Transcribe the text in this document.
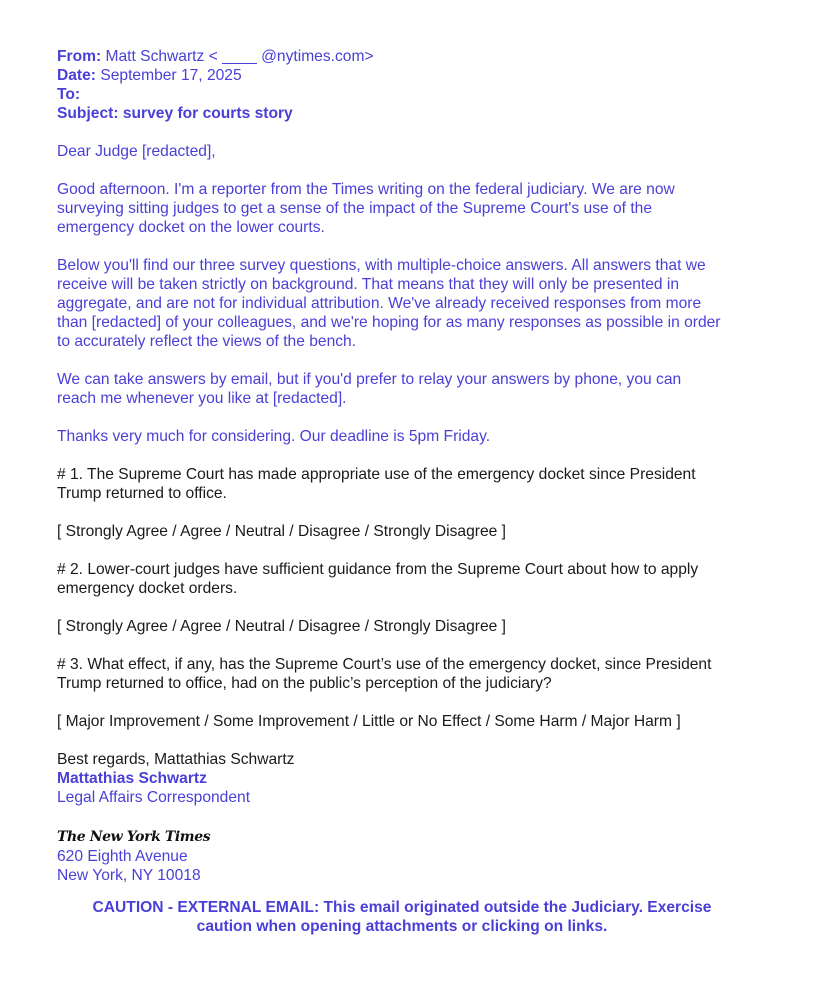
From: Matt Schwartz < ____ @nytimes.com>
Date: September 17, 2025
To:
Subject: survey for courts story
Dear Judge [redacted],
Good afternoon. I'm a reporter from the Times writing on the federal judiciary. We are now
surveying sitting judges to get a sense of the impact of the Supreme Court's use of the
emergency docket on the lower courts.
Below you'll find our three survey questions, with multiple-choice answers. All answers that we
receive will be taken strictly on background. That means that they will only be presented in
aggregate, and are not for individual attribution. We've already received responses from more
than [redacted] of your colleagues, and we're hoping for as many responses as possible in order
to accurately reflect the views of the bench.
We can take answers by email, but if you'd prefer to relay your answers by phone, you can
reach me whenever you like at [redacted].
Thanks very much for considering. Our deadline is 5pm Friday.
# 1. The Supreme Court has made appropriate use of the emergency docket since President
Trump returned to office.
[ Strongly Agree / Agree / Neutral / Disagree / Strongly Disagree ]
# 2. Lower-court judges have sufficient guidance from the Supreme Court about how to apply
emergency docket orders.
[ Strongly Agree / Agree / Neutral / Disagree / Strongly Disagree ]
# 3. What effect, if any, has the Supreme Court’s use of the emergency docket, since President
Trump returned to office, had on the public’s perception of the judiciary?
[ Major Improvement / Some Improvement / Little or No Effect / Some Harm / Major Harm ]
Best regards, Mattathias Schwartz
Mattathias Schwartz
Legal Affairs Correspondent
The New York Times
620 Eighth Avenue
New York, NY 10018
CAUTION - EXTERNAL EMAIL: This email originated outside the Judiciary. Exercise
caution when opening attachments or clicking on links.
